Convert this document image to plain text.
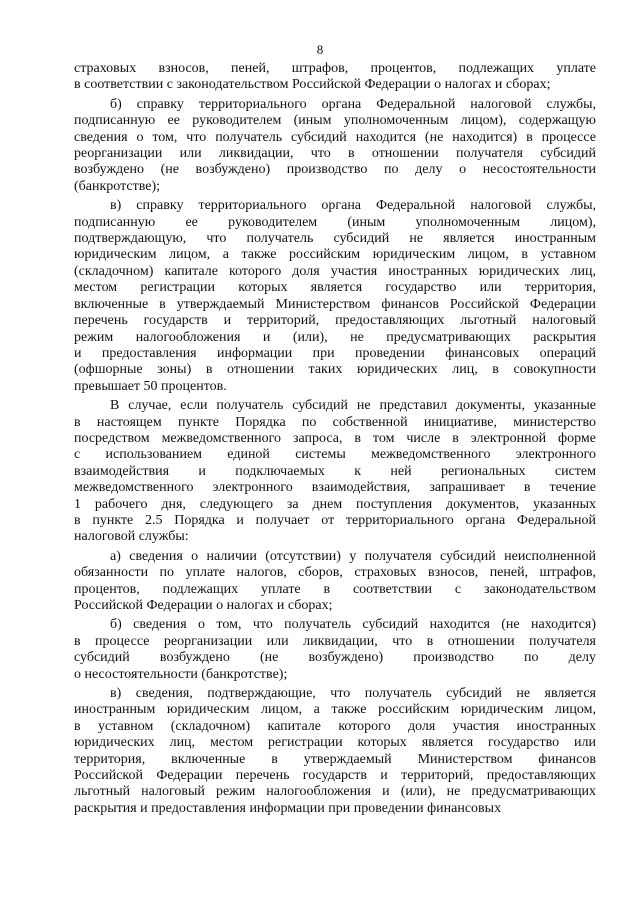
8

страховых взносов, пеней, штрафов, процентов, подлежащих уплате
в соответствии с законодательством Российской Федерации о налогах и сборах;

б) справку территориального органа Федеральной налоговой службы,
подписанную ее руководителем (иным уполномоченным лицом), содержащую
сведения о том, что получатель субсидий находится (не находится) в процессе
реорганизации или ликвидации, что в отношении получателя субсидий
возбуждено (не возбуждено) производство по делу о несостоятельности
(банкротстве);

в) справку территориального органа Федеральной налоговой службы,
подписанную ее руководителем (иным уполномоченным лицом),
подтверждающую, что получатель субсидий не является иностранным
юридическим лицом, а также российским юридическим лицом, в уставном
(складочном) капитале которого доля участия иностранных юридических лиц,
местом регистрации которых является государство или территория,
включенные в утверждаемый Министерством финансов Российской Федерации
перечень государств и территорий, предоставляющих льготный налоговый
режим налогообложения и (или), не предусматривающих раскрытия
и предоставления информации при проведении финансовых операций
(офшорные зоны) в отношении таких юридических лиц, в совокупности
превышает 50 процентов.

В случае, если получатель субсидий не представил документы, указанные
в настоящем пункте Порядка по собственной инициативе, министерство
посредством межведомственного запроса, в том числе в электронной форме
с использованием единой системы межведомственного электронного
взаимодействия и подключаемых к ней региональных систем
межведомственного электронного взаимодействия, запрашивает в течение
1 рабочего дня, следующего за днем поступления документов, указанных
в пункте 2.5 Порядка и получает от территориального органа Федеральной
налоговой службы:

а) сведения о наличии (отсутствии) у получателя субсидий неисполненной
обязанности по уплате налогов, сборов, страховых взносов, пеней, штрафов,
процентов, подлежащих уплате в соответствии с законодательством
Российской Федерации о налогах и сборах;

б) сведения о том, что получатель субсидий находится (не находится)
в процессе реорганизации или ликвидации, что в отношении получателя
субсидий возбуждено (не возбуждено) производство по делу
о несостоятельности (банкротстве);

в) сведения, подтверждающие, что получатель субсидий не является
иностранным юридическим лицом, а также российским юридическим лицом,
в уставном (складочном) капитале которого доля участия иностранных
юридических лиц, местом регистрации которых является государство или
территория, включенные в утверждаемый Министерством финансов
Российской Федерации перечень государств и территорий, предоставляющих
льготный налоговый режим налогообложения и (или), не предусматривающих
раскрытия и предоставления информации при проведении финансовых
